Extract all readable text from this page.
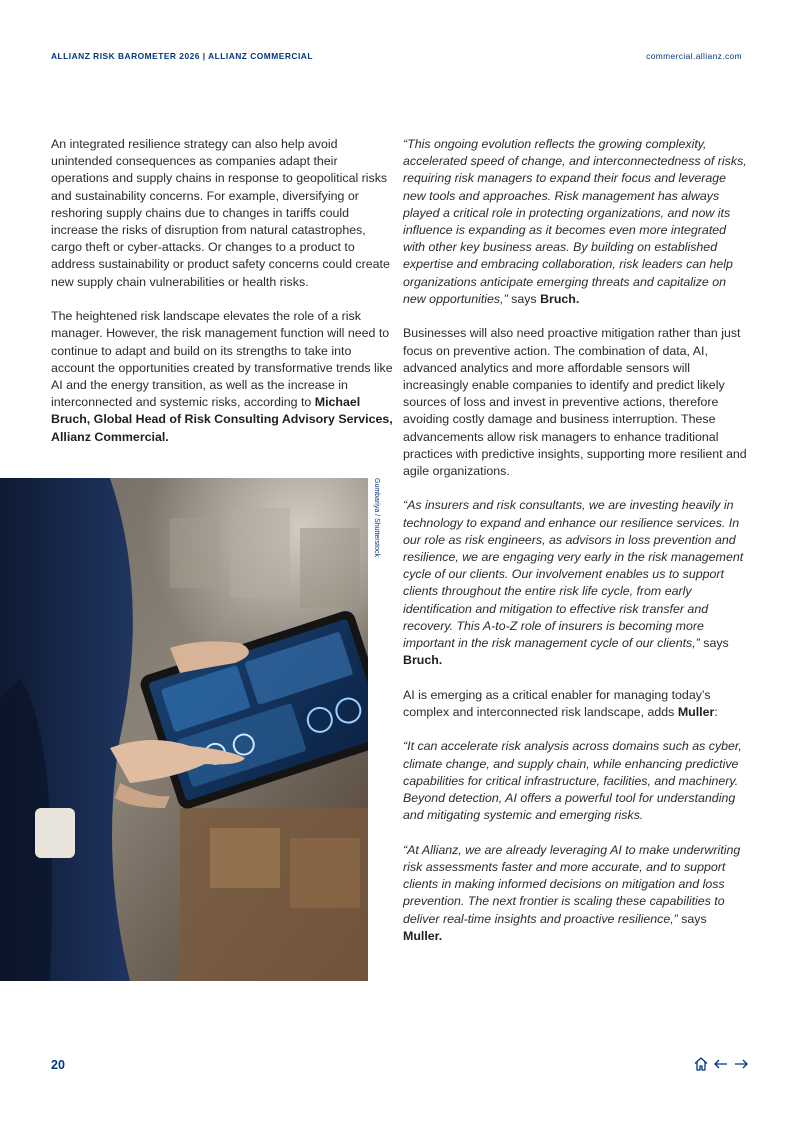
ALLIANZ RISK BAROMETER 2026 | ALLIANZ COMMERCIAL	commercial.allianz.com

An integrated resilience strategy can also help avoid unintended consequences as companies adapt their operations and supply chains in response to geopolitical risks and sustainability concerns. For example, diversifying or reshoring supply chains due to changes in tariffs could increase the risks of disruption from natural catastrophes, cargo theft or cyber-attacks. Or changes to a product to address sustainability or product safety concerns could create new supply chain vulnerabilities or health risks.

The heightened risk landscape elevates the role of a risk manager. However, the risk management function will need to continue to adapt and build on its strengths to take into account the opportunities created by transformative trends like AI and the energy transition, as well as the increase in interconnected and systemic risks, according to Michael Bruch, Global Head of Risk Consulting Advisory Services, Allianz Commercial.

Gumbariya / Shutterstock

“This ongoing evolution reflects the growing complexity, accelerated speed of change, and interconnectedness of risks, requiring risk managers to expand their focus and leverage new tools and approaches. Risk management has always played a critical role in protecting organizations, and now its influence is expanding as it becomes even more integrated with other key business areas. By building on established expertise and embracing collaboration, risk leaders can help organizations anticipate emerging threats and capitalize on new opportunities,” says Bruch.

Businesses will also need proactive mitigation rather than just focus on preventive action. The combination of data, AI, advanced analytics and more affordable sensors will increasingly enable companies to identify and predict likely sources of loss and invest in preventive actions, therefore avoiding costly damage and business interruption. These advancements allow risk managers to enhance traditional practices with predictive insights, supporting more resilient and agile organizations.

“As insurers and risk consultants, we are investing heavily in technology to expand and enhance our resilience services. In our role as risk engineers, as advisors in loss prevention and resilience, we are engaging very early in the risk management cycle of our clients. Our involvement enables us to support clients throughout the entire risk life cycle, from early identification and mitigation to effective risk transfer and recovery. This A-to-Z role of insurers is becoming more important in the risk management cycle of our clients,” says Bruch.

AI is emerging as a critical enabler for managing today’s complex and interconnected risk landscape, adds Muller:

“It can accelerate risk analysis across domains such as cyber, climate change, and supply chain, while enhancing predictive capabilities for critical infrastructure, facilities, and machinery. Beyond detection, AI offers a powerful tool for understanding and mitigating systemic and emerging risks.

“At Allianz, we are already leveraging AI to make underwriting risk assessments faster and more accurate, and to support clients in making informed decisions on mitigation and loss prevention. The next frontier is scaling these capabilities to deliver real-time insights and proactive resilience,” says Muller.

20
